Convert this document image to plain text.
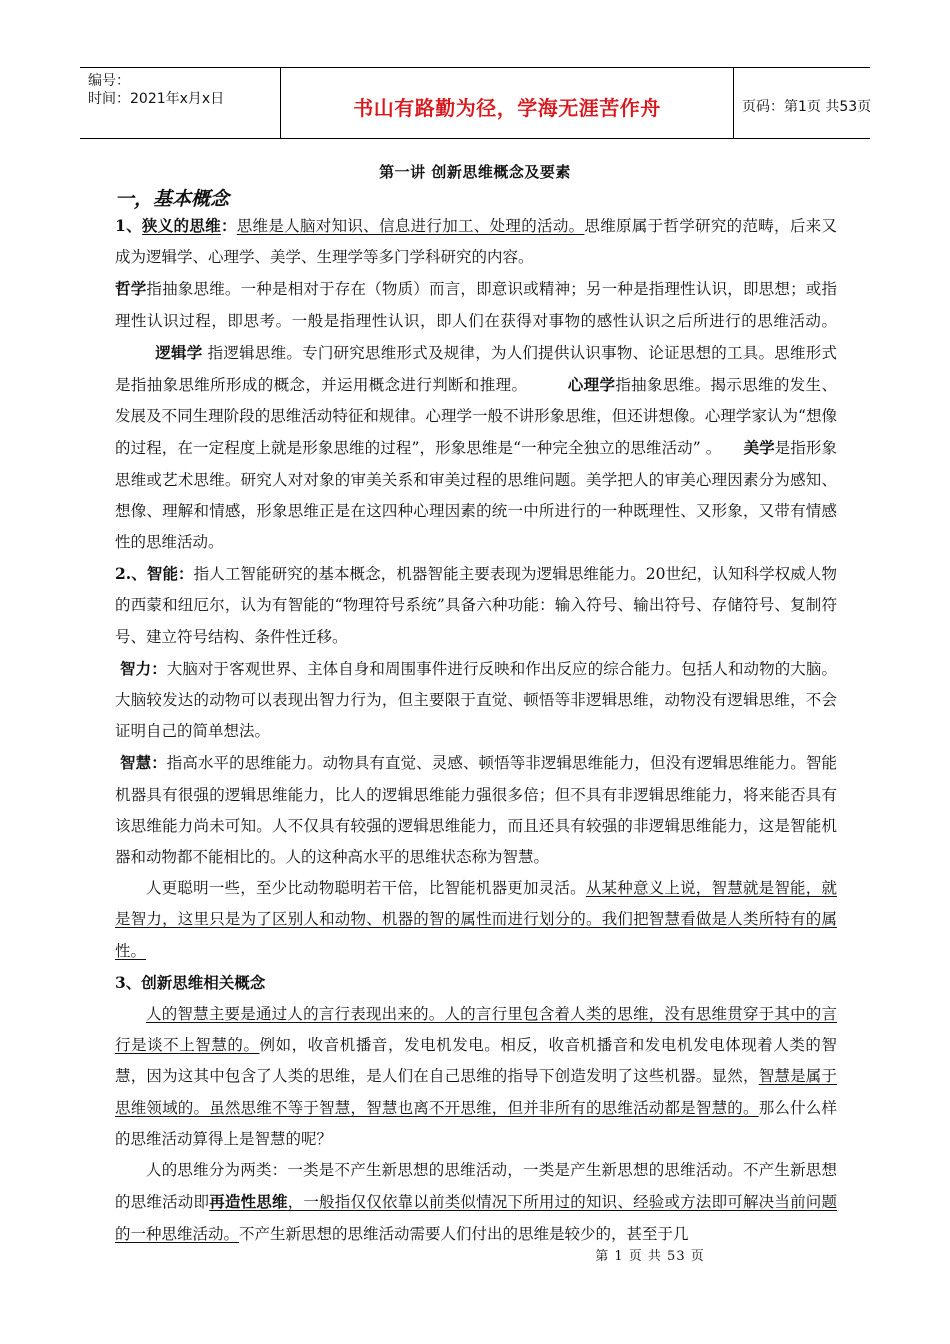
编号：
时间：2021年x月x日	书山有路勤为径，学海无涯苦作舟	页码：第1页 共53页
第一讲 创新思维概念及要素
一，基本概念

1、狭义的思维：思维是人脑对知识、信息进行加工、处理的活动。思维原属于哲学研究的范畴，后来又成为逻辑学、心理学、美学、生理学等多门学科研究的内容。

哲学指抽象思维。一种是相对于存在（物质）而言，即意识或精神；另一种是指理性认识，即思想；或指理性认识过程，即思考。一般是指理性认识，即人们在获得对事物的感性认识之后所进行的思维活动。逻辑学 指逻辑思维。专门研究思维形式及规律，为人们提供认识事物、论证思想的工具。思维形式是指抽象思维所形成的概念，并运用概念进行判断和推理。	心理学指抽象思维。揭示思维的发生、发展及不同生理阶段的思维活动特征和规律。心理学一般不讲形象思维，但还讲想像。心理学家认为“想像的过程，在一定程度上就是形象思维的过程”，形象思维是“一种完全独立的思维活动” 。 美学是指形象思维或艺术思维。研究人对对象的审美关系和审美过程的思维问题。美学把人的审美心理因素分为感知、想像、理解和情感，形象思维正是在这四种心理因素的统一中所进行的一种既理性、又形象，又带有情感性的思维活动。

2.、智能：指人工智能研究的基本概念，机器智能主要表现为逻辑思维能力。20世纪，认知科学权威人物的西蒙和纽厄尔，认为有智能的“物理符号系统”具备六种功能：输入符号、输出符号、存储符号、复制符号、建立符号结构、条件性迁移。

智力：大脑对于客观世界、主体自身和周围事件进行反映和作出反应的综合能力。包括人和动物的大脑。大脑较发达的动物可以表现出智力行为，但主要限于直觉、顿悟等非逻辑思维，动物没有逻辑思维，不会证明自己的简单想法。

智慧：指高水平的思维能力。动物具有直觉、灵感、顿悟等非逻辑思维能力，但没有逻辑思维能力。智能机器具有很强的逻辑思维能力，比人的逻辑思维能力强很多倍；但不具有非逻辑思维能力，将来能否具有该思维能力尚未可知。人不仅具有较强的逻辑思维能力，而且还具有较强的非逻辑思维能力，这是智能机器和动物都不能相比的。人的这种高水平的思维状态称为智慧。

人更聪明一些，至少比动物聪明若干倍，比智能机器更加灵活。从某种意义上说，智慧就是智能，就是智力，这里只是为了区别人和动物、机器的智的属性而进行划分的。我们把智慧看做是人类所特有的属性。

3、创新思维相关概念

人的智慧主要是通过人的言行表现出来的。人的言行里包含着人类的思维，没有思维贯穿于其中的言行是谈不上智慧的。例如，收音机播音，发电机发电。相反，收音机播音和发电机发电体现着人类的智慧，因为这其中包含了人类的思维，是人们在自己思维的指导下创造发明了这些机器。显然，智慧是属于思维领域的。虽然思维不等于智慧，智慧也离不开思维，但并非所有的思维活动都是智慧的。那么什么样的思维活动算得上是智慧的呢？

人的思维分为两类：一类是不产生新思想的思维活动，一类是产生新思想的思维活动。不产生新思想的思维活动即再造性思维，一般指仅仅依靠以前类似情况下所用过的知识、经验或方法即可解决当前问题的一种思维活动。不产生新思想的思维活动需要人们付出的思维是较少的，甚至于几

第 1 页 共 53 页
